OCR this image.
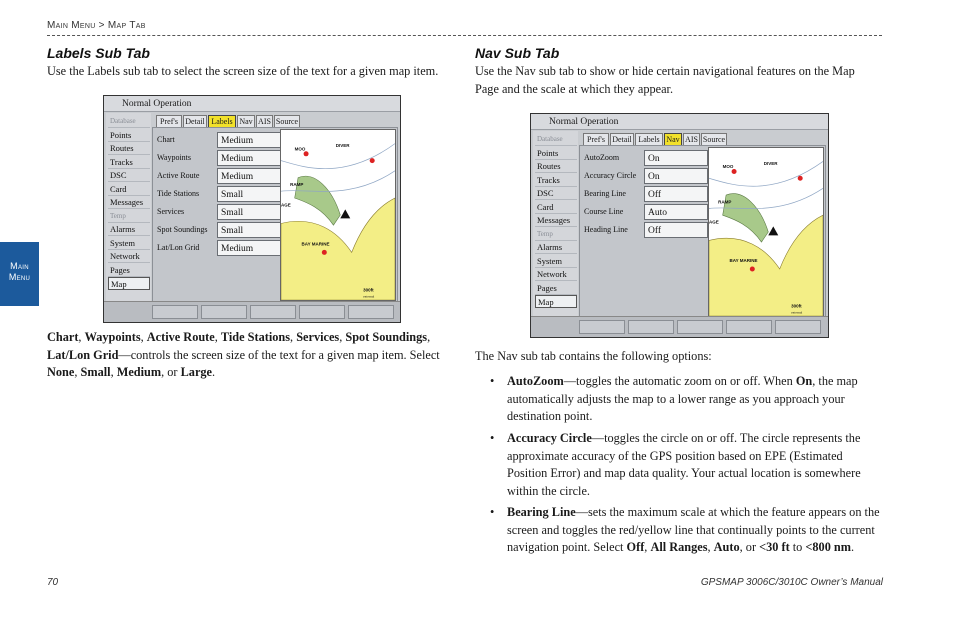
Main Menu > Map Tab
Main
Menu
Labels Sub Tab
Use the Labels sub tab to select the screen size of the text for a given map item.
Normal Operation
Database
Points
Routes
Tracks
DSC
Card
Messages
Temp
Alarms
System
Network
Pages
Map
Pref's Detail Labels Nav AIS Source
Chart	Medium
Waypoints	Medium
Active Route	Medium
Tide Stations	Small
Services	Small
Spot Soundings	Small
Lat/Lon Grid	Medium
MOO
DIVER
RAMP
AGE
BAY MARINE
300ft
external
Chart, Waypoints, Active Route, Tide Stations, Services, Spot Soundings,
Lat/Lon Grid—controls the screen size of the text for a given map item. Select
None, Small, Medium, or Large.
Nav Sub Tab
Use the Nav sub tab to show or hide certain navigational features on the Map
Page and the scale at which they appear.
Normal Operation
Database
Points
Routes
Tracks
DSC
Card
Messages
Temp
Alarms
System
Network
Pages
Map
Pref's Detail Labels Nav AIS Source
AutoZoom	On
Accuracy Circle	On
Bearing Line	Off
Course Line	Auto
Heading Line	Off
MOO
DIVER
RAMP
AGE
BAY MARINE
300ft
external
The Nav sub tab contains the following options:
• AutoZoom—toggles the automatic zoom on or off. When On, the map
automatically adjusts the map to a lower range as you approach your
destination point.
• Accuracy Circle—toggles the circle on or off. The circle represents the
approximate accuracy of the GPS position based on EPE (Estimated
Position Error) and map data quality. Your actual location is somewhere
within the circle.
• Bearing Line—sets the maximum scale at which the feature appears on the
screen and toggles the red/yellow line that continually points to the current
navigation point. Select Off, All Ranges, Auto, or <30 ft to <800 nm.
70	GPSMAP 3006C/3010C Owner’s Manual
